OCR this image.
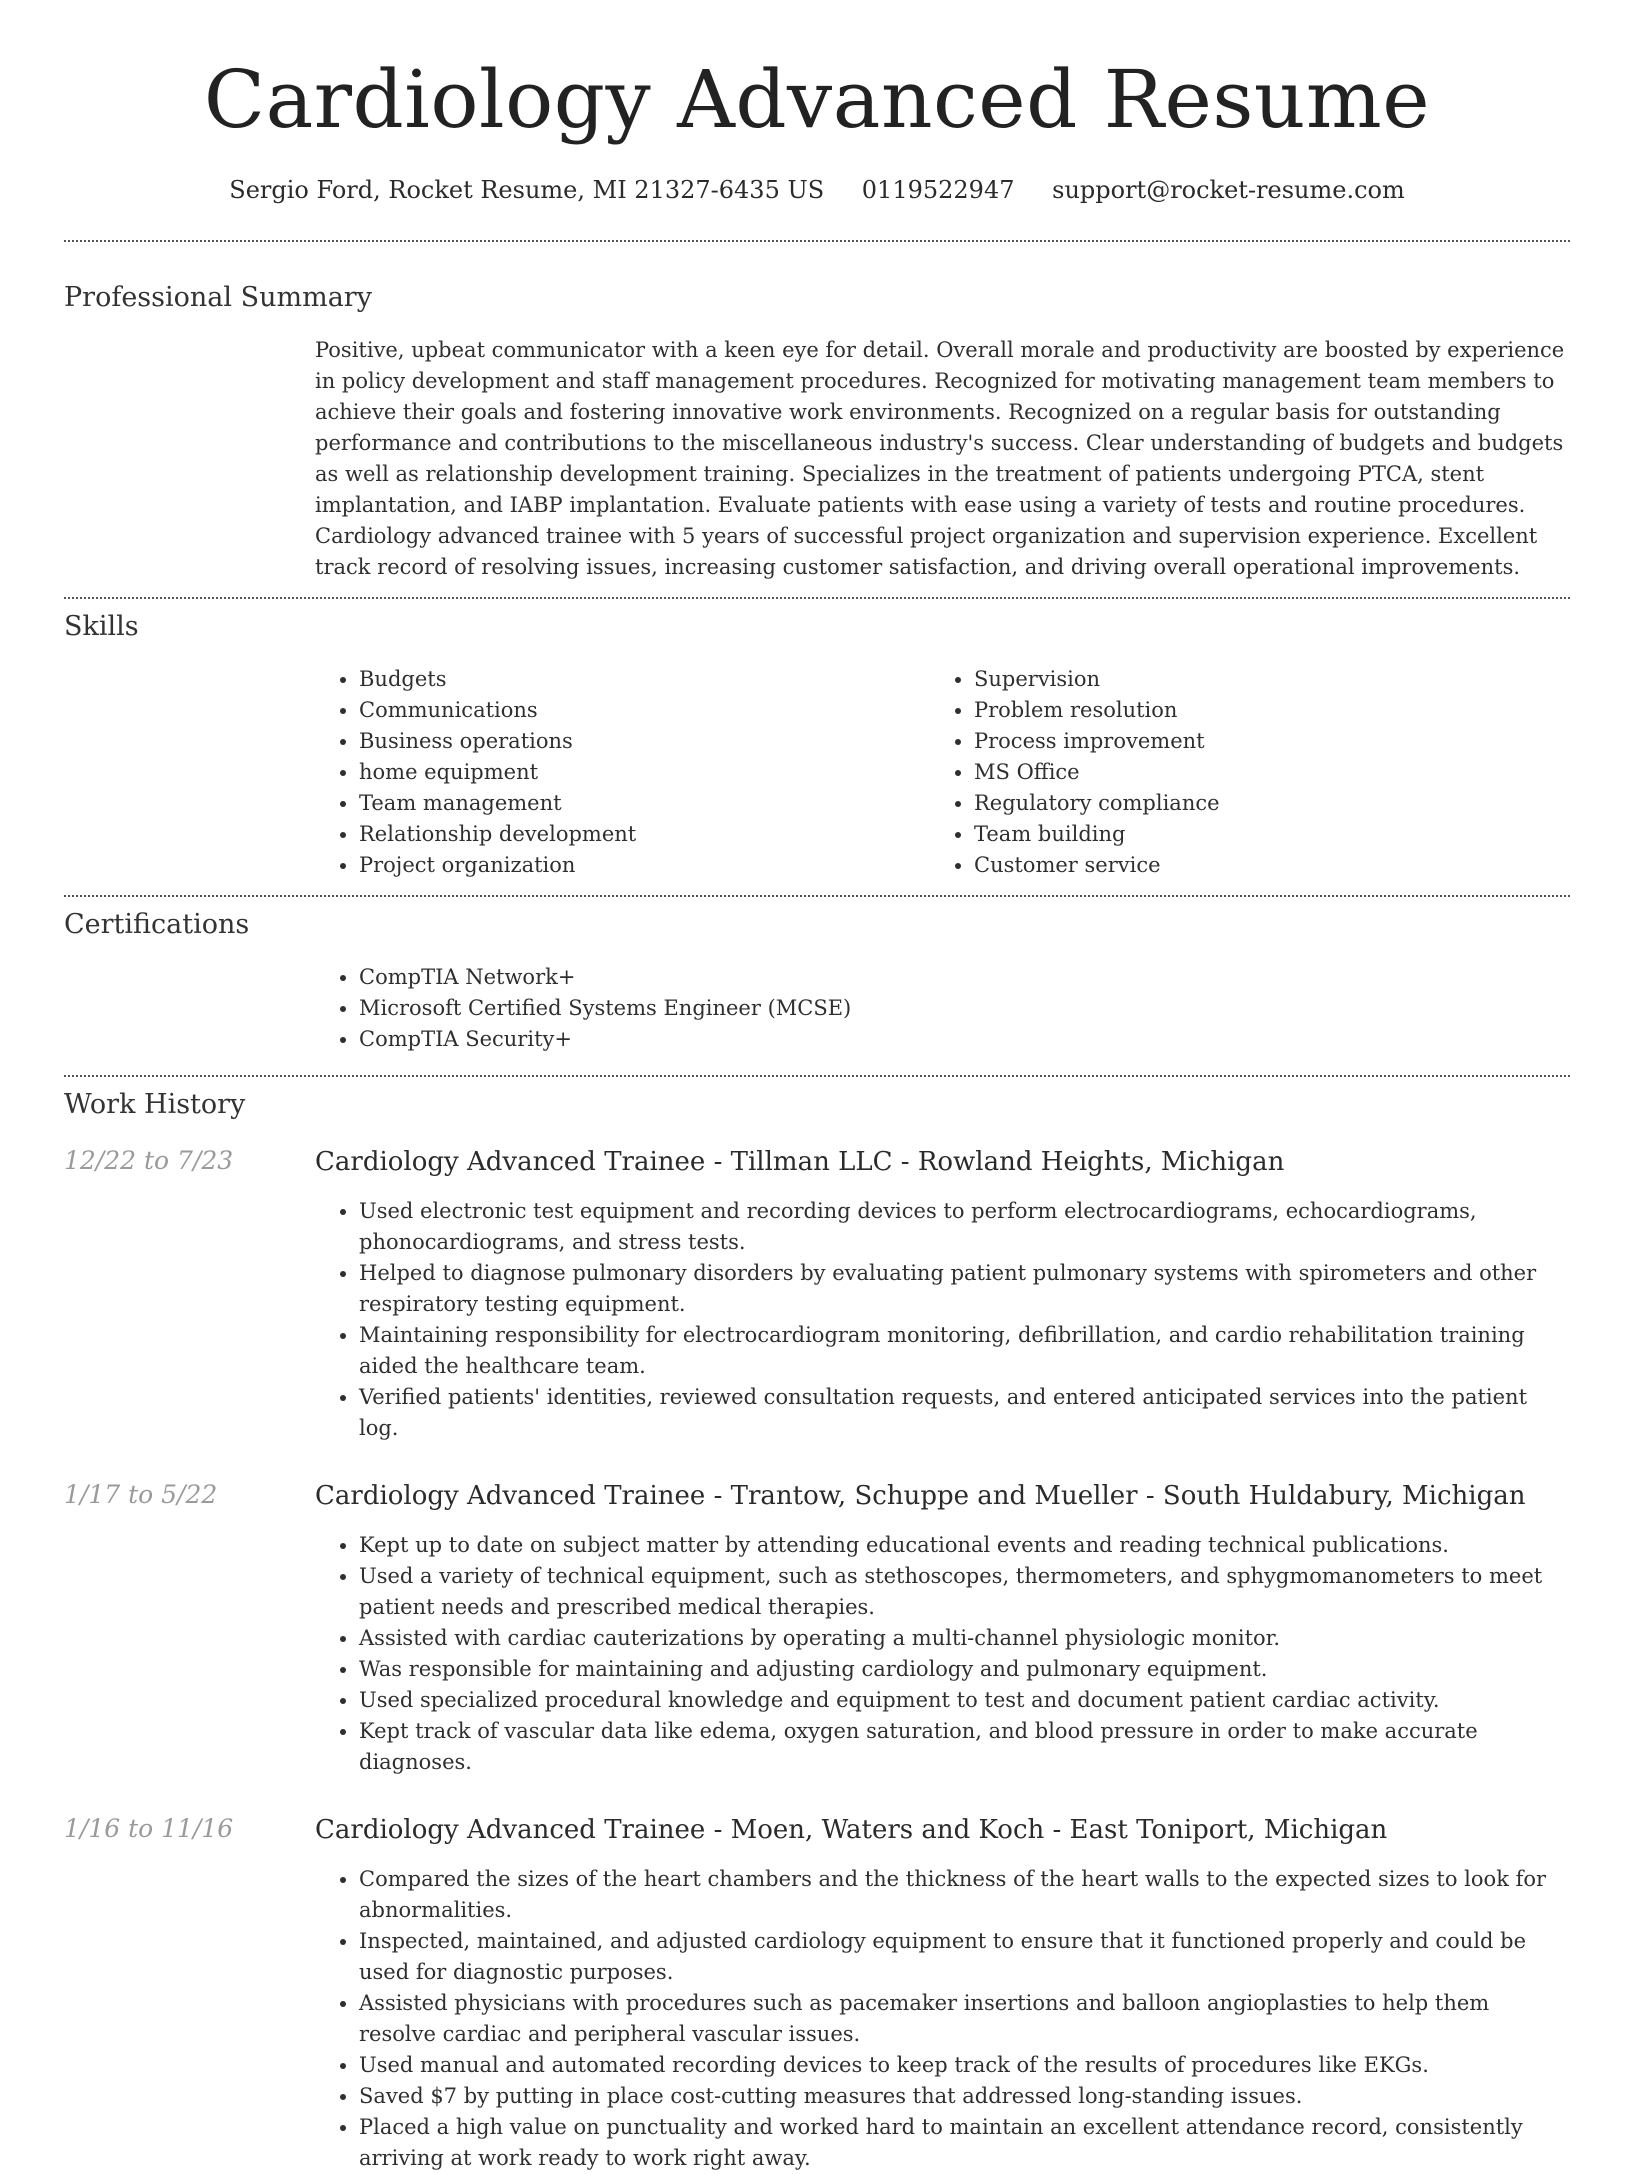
Cardiology Advanced Resume
Sergio Ford, Rocket Resume, MI 21327-6435 US 0119522947 support@rocket-resume.com
Professional Summary
Positive, upbeat communicator with a keen eye for detail. Overall morale and productivity are boosted by experience in policy development and staff management procedures. Recognized for motivating management team members to achieve their goals and fostering innovative work environments. Recognized on a regular basis for outstanding performance and contributions to the miscellaneous industry's success. Clear understanding of budgets and budgets as well as relationship development training. Specializes in the treatment of patients undergoing PTCA, stent implantation, and IABP implantation. Evaluate patients with ease using a variety of tests and routine procedures. Cardiology advanced trainee with 5 years of successful project organization and supervision experience. Excellent track record of resolving issues, increasing customer satisfaction, and driving overall operational improvements.
Skills
• Budgets
• Communications
• Business operations
• home equipment
• Team management
• Relationship development
• Project organization
• Supervision
• Problem resolution
• Process improvement
• MS Office
• Regulatory compliance
• Team building
• Customer service
Certifications
• CompTIA Network+
• Microsoft Certified Systems Engineer (MCSE)
• CompTIA Security+
Work History
12/22 to 7/23	Cardiology Advanced Trainee - Tillman LLC - Rowland Heights, Michigan
• Used electronic test equipment and recording devices to perform electrocardiograms, echocardiograms, phonocardiograms, and stress tests.
• Helped to diagnose pulmonary disorders by evaluating patient pulmonary systems with spirometers and other respiratory testing equipment.
• Maintaining responsibility for electrocardiogram monitoring, defibrillation, and cardio rehabilitation training aided the healthcare team.
• Verified patients' identities, reviewed consultation requests, and entered anticipated services into the patient log.
1/17 to 5/22	Cardiology Advanced Trainee - Trantow, Schuppe and Mueller - South Huldabury, Michigan
• Kept up to date on subject matter by attending educational events and reading technical publications.
• Used a variety of technical equipment, such as stethoscopes, thermometers, and sphygmomanometers to meet patient needs and prescribed medical therapies.
• Assisted with cardiac cauterizations by operating a multi-channel physiologic monitor.
• Was responsible for maintaining and adjusting cardiology and pulmonary equipment.
• Used specialized procedural knowledge and equipment to test and document patient cardiac activity.
• Kept track of vascular data like edema, oxygen saturation, and blood pressure in order to make accurate diagnoses.
1/16 to 11/16	Cardiology Advanced Trainee - Moen, Waters and Koch - East Toniport, Michigan
• Compared the sizes of the heart chambers and the thickness of the heart walls to the expected sizes to look for abnormalities.
• Inspected, maintained, and adjusted cardiology equipment to ensure that it functioned properly and could be used for diagnostic purposes.
• Assisted physicians with procedures such as pacemaker insertions and balloon angioplasties to help them resolve cardiac and peripheral vascular issues.
• Used manual and automated recording devices to keep track of the results of procedures like EKGs.
• Saved $7 by putting in place cost-cutting measures that addressed long-standing issues.
• Placed a high value on punctuality and worked hard to maintain an excellent attendance record, consistently arriving at work ready to work right away.
